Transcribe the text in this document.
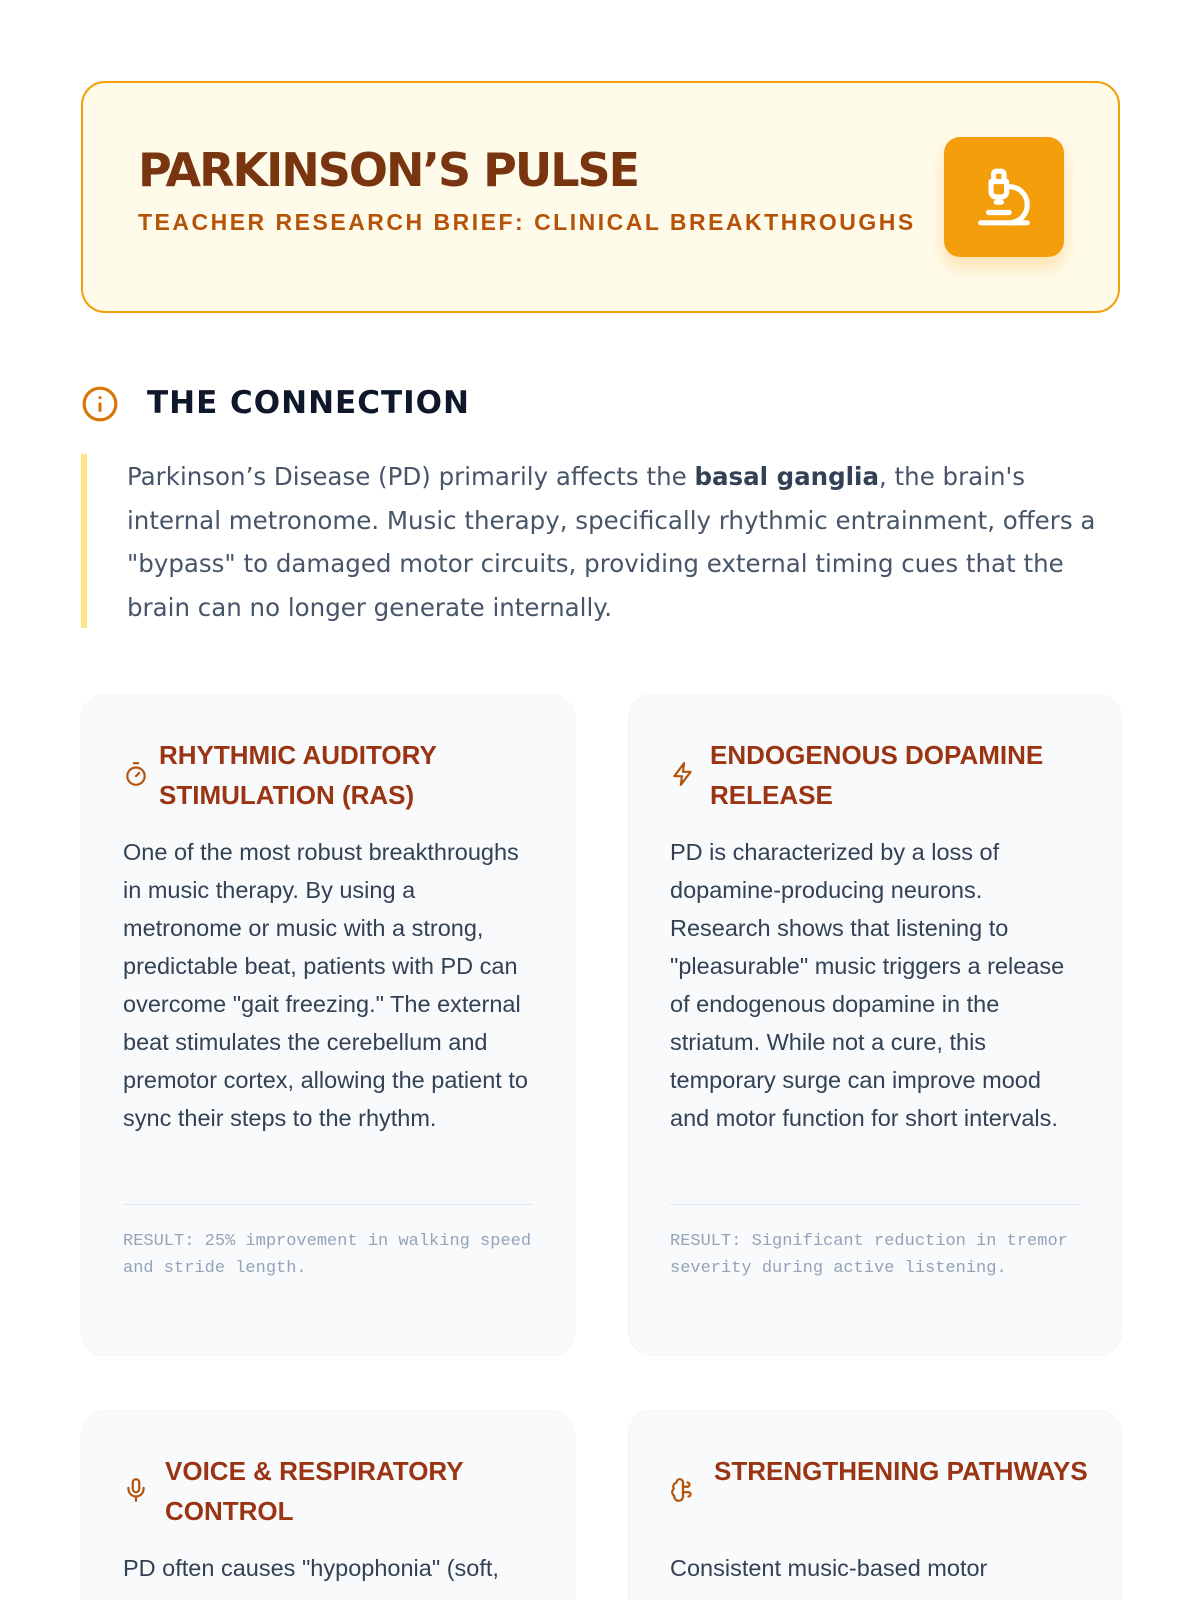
PARKINSON’S PULSE
TEACHER RESEARCH BRIEF: CLINICAL BREAKTHROUGHS
THE CONNECTION

Parkinson’s Disease (PD) primarily affects the basal ganglia, the brain's internal metronome. Music therapy, specifically rhythmic entrainment, offers a "bypass" to damaged motor circuits, providing external timing cues that the brain can no longer generate internally.

RHYTHMIC AUDITORY STIMULATION (RAS)
One of the most robust breakthroughs in music therapy. By using a metronome or music with a strong, predictable beat, patients with PD can overcome "gait freezing." The external beat stimulates the cerebellum and premotor cortex, allowing the patient to sync their steps to the rhythm.
RESULT: 25% improvement in walking speed and stride length.
ENDOGENOUS DOPAMINE RELEASE
PD is characterized by a loss of dopamine-producing neurons. Research shows that listening to "pleasurable" music triggers a release of endogenous dopamine in the striatum. While not a cure, this temporary surge can improve mood and motor function for short intervals.
RESULT: Significant reduction in tremor severity during active listening.
VOICE & RESPIRATORY CONTROL
PD often causes "hypophonia" (soft,
STRENGTHENING PATHWAYS
Consistent music-based motor
